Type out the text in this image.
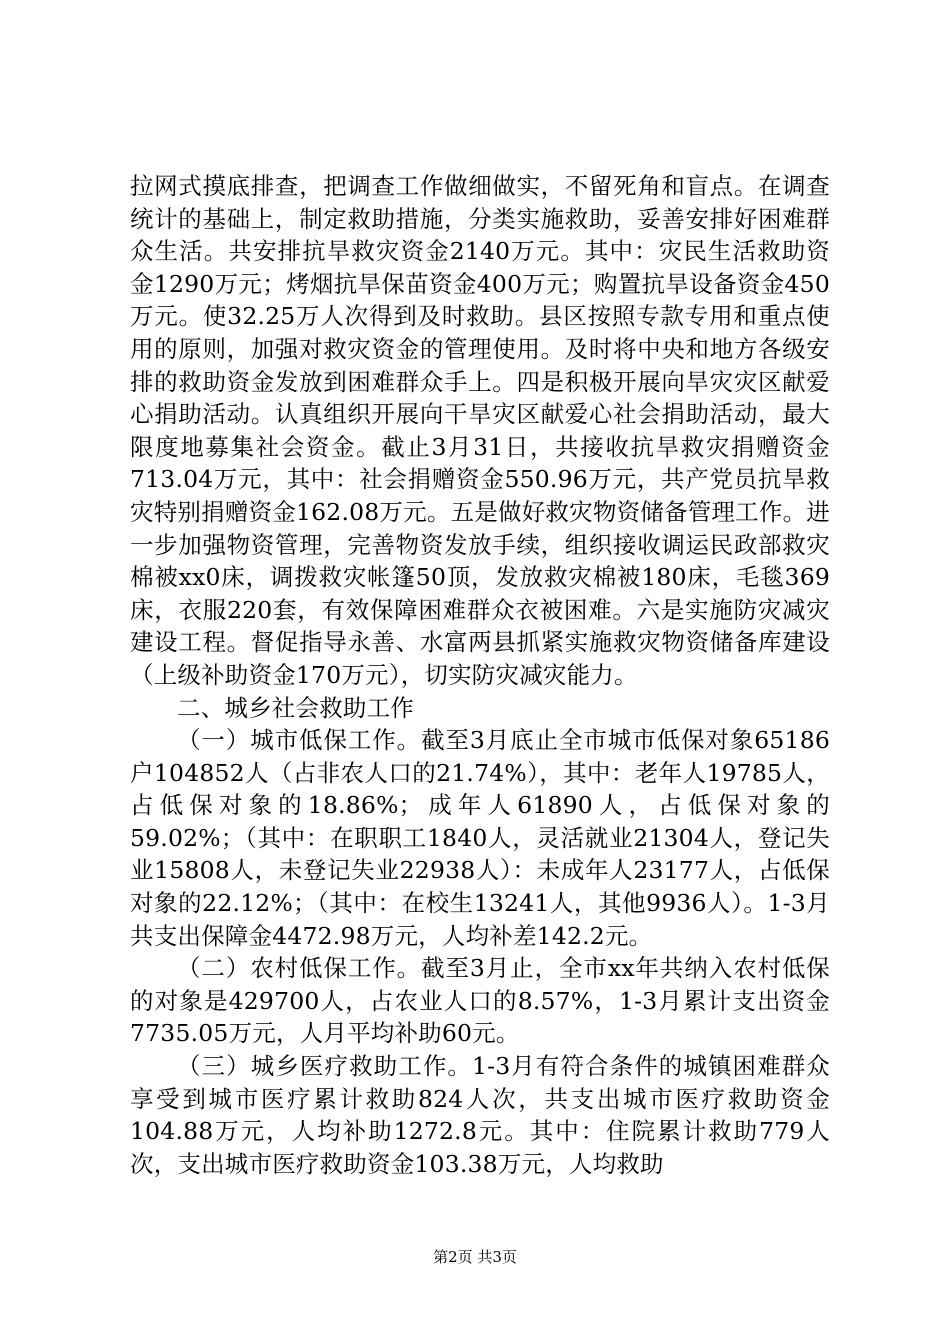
拉网式摸底排查，把调查工作做细做实，不留死角和盲点。在调查统计的基础上，制定救助措施，分类实施救助，妥善安排好困难群众生活。共安排抗旱救灾资金2140万元。其中：灾民生活救助资金1290万元；烤烟抗旱保苗资金400万元；购置抗旱设备资金450万元。使32.25万人次得到及时救助。县区按照专款专用和重点使用的原则，加强对救灾资金的管理使用。及时将中央和地方各级安排的救助资金发放到困难群众手上。四是积极开展向旱灾灾区献爱心捐助活动。认真组织开展向干旱灾区献爱心社会捐助活动，最大限度地募集社会资金。截止3月31日，共接收抗旱救灾捐赠资金713.04万元，其中：社会捐赠资金550.96万元，共产党员抗旱救灾特别捐赠资金162.08万元。五是做好救灾物资储备管理工作。进一步加强物资管理，完善物资发放手续，组织接收调运民政部救灾棉被xx0床，调拨救灾帐篷50顶，发放救灾棉被180床，毛毯369床，衣服220套，有效保障困难群众衣被困难。六是实施防灾减灾建设工程。督促指导永善、水富两县抓紧实施救灾物资储备库建设（上级补助资金170万元），切实防灾减灾能力。

二、城乡社会救助工作

（一）城市低保工作。截至3月底止全市城市低保对象65186户104852人（占非农人口的21.74%），其中：老年人19785人，占低保对象的18.86%；成年人61890人，占低保对象的59.02%；（其中：在职职工1840人，灵活就业21304人，登记失业15808人，未登记失业22938人）：未成年人23177人，占低保对象的22.12%；（其中：在校生13241人，其他9936人）。1-3月共支出保障金4472.98万元，人均补差142.2元。

（二）农村低保工作。截至3月止，全市xx年共纳入农村低保的对象是429700人，占农业人口的8.57%，1-3月累计支出资金7735.05万元，人月平均补助60元。

（三）城乡医疗救助工作。1-3月有符合条件的城镇困难群众享受到城市医疗累计救助824人次，共支出城市医疗救助资金104.88万元，人均补助1272.8元。其中：住院累计救助779人次，支出城市医疗救助资金103.38万元，人均救助

第2页 共3页
